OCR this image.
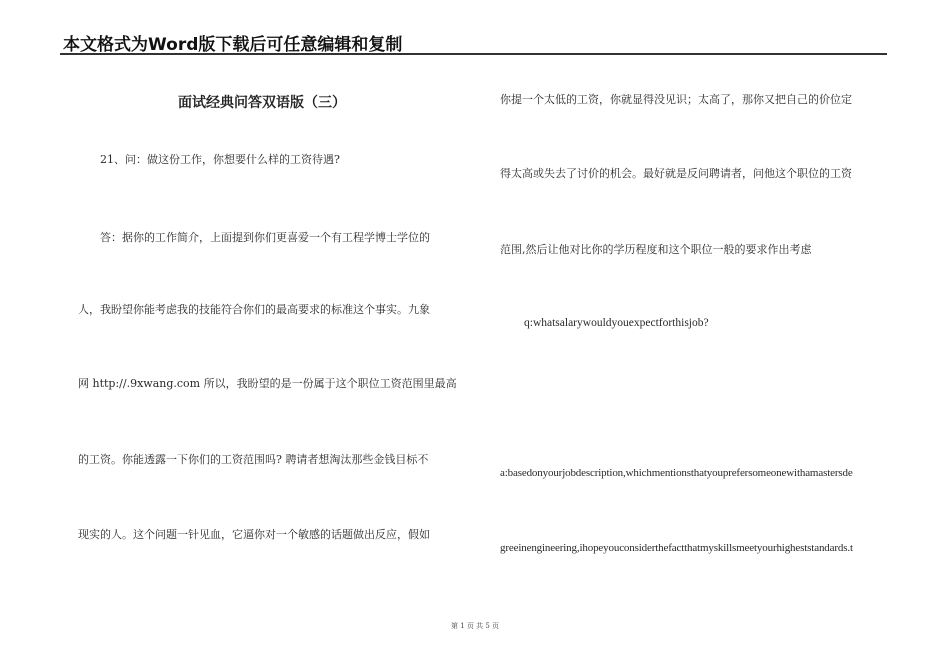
本文格式为Word版下载后可任意编辑和复制
面试经典问答双语版（三）
21、问：做这份工作，你想要什么样的工资待遇?
答：据你的工作简介，上面提到你们更喜爱一个有工程学博士学位的
人，我盼望你能考虑我的技能符合你们的最高要求的标准这个事实。九象
网 http://.9xwang.com 所以，我盼望的是一份属于这个职位工资范围里最高
的工资。你能透露一下你们的工资范围吗? 聘请者想淘汰那些金钱目标不
现实的人。这个问题一针见血，它逼你对一个敏感的话题做出反应，假如
你提一个太低的工资，你就显得没见识；太高了，那你又把自己的价位定
得太高或失去了讨价的机会。最好就是反问聘请者，问他这个职位的工资
范围,然后让他对比你的学历程度和这个职位一般的要求作出考虑
q:whatsalarywouldyouexpectforthisjob?
a:basedonyourjobdescription,whichmentionsthatyouprefersomeonewithamastersde
greeinengineering,ihopeyouconsiderthefactthatmyskillsmeetyourhigheststandards.t
第 1 页 共 5 页
